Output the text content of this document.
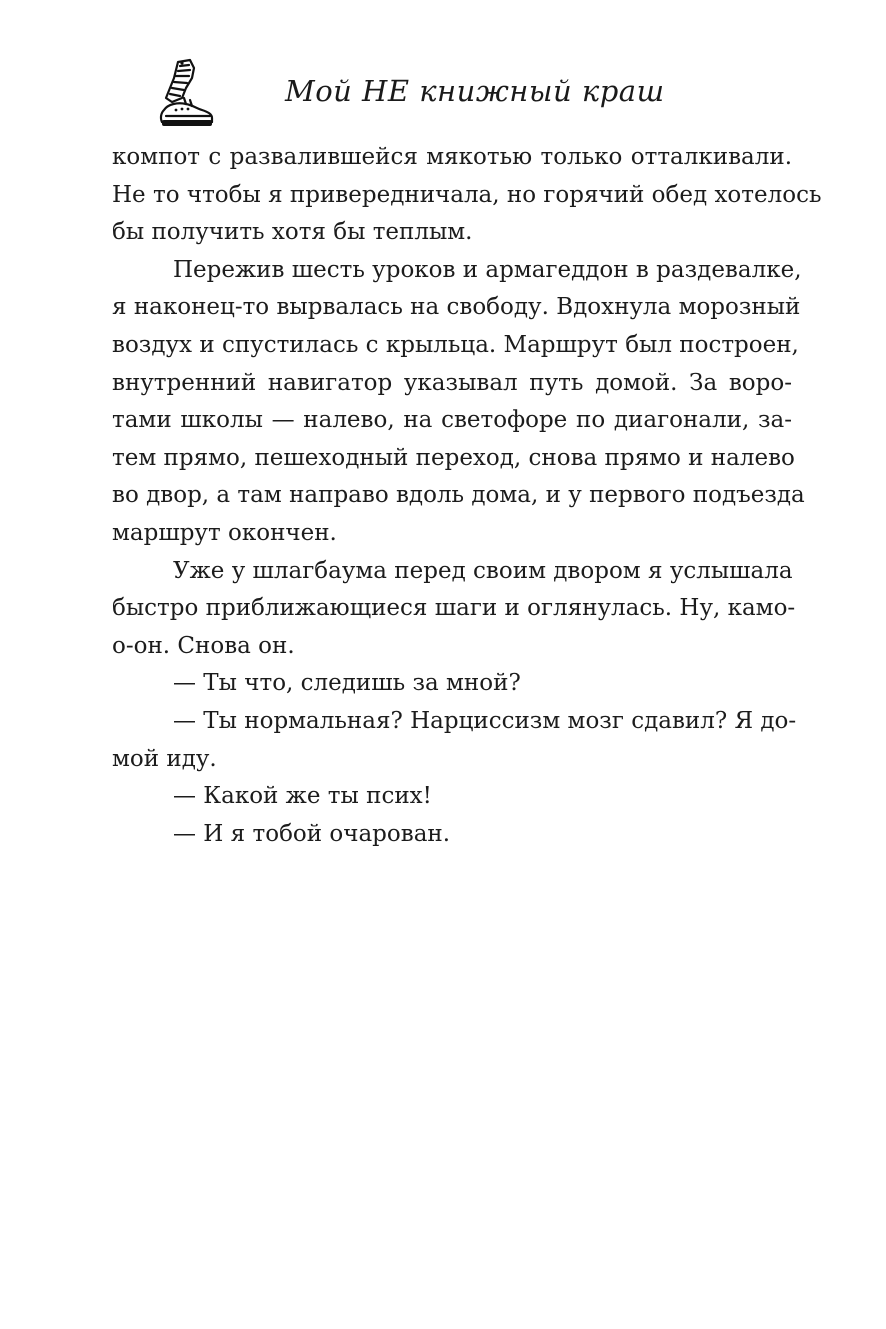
Мой НЕ книжный краш
компот с развалившейся мякотью только отталкивали.
Не то чтобы я привередничала, но горячий обед хотелось
бы получить хотя бы теплым.
Пережив шесть уроков и армагеддон в раздевалке,
я наконец-то вырвалась на свободу. Вдохнула морозный
воздух и спустилась с крыльца. Маршрут был построен,
внутренний навигатор указывал путь домой. За воро-
тами школы — налево, на светофоре по диагонали, за-
тем прямо, пешеходный переход, снова прямо и налево
во двор, а там направо вдоль дома, и у первого подъезда
маршрут окончен.
Уже у шлагбаума перед своим двором я услышала
быстро приближающиеся шаги и оглянулась. Ну, камо-
о-он. Снова он.
— Ты что, следишь за мной?
— Ты нормальная? Нарциссизм мозг сдавил? Я до-
мой иду.
— Какой же ты псих!
— И я тобой очарован.
